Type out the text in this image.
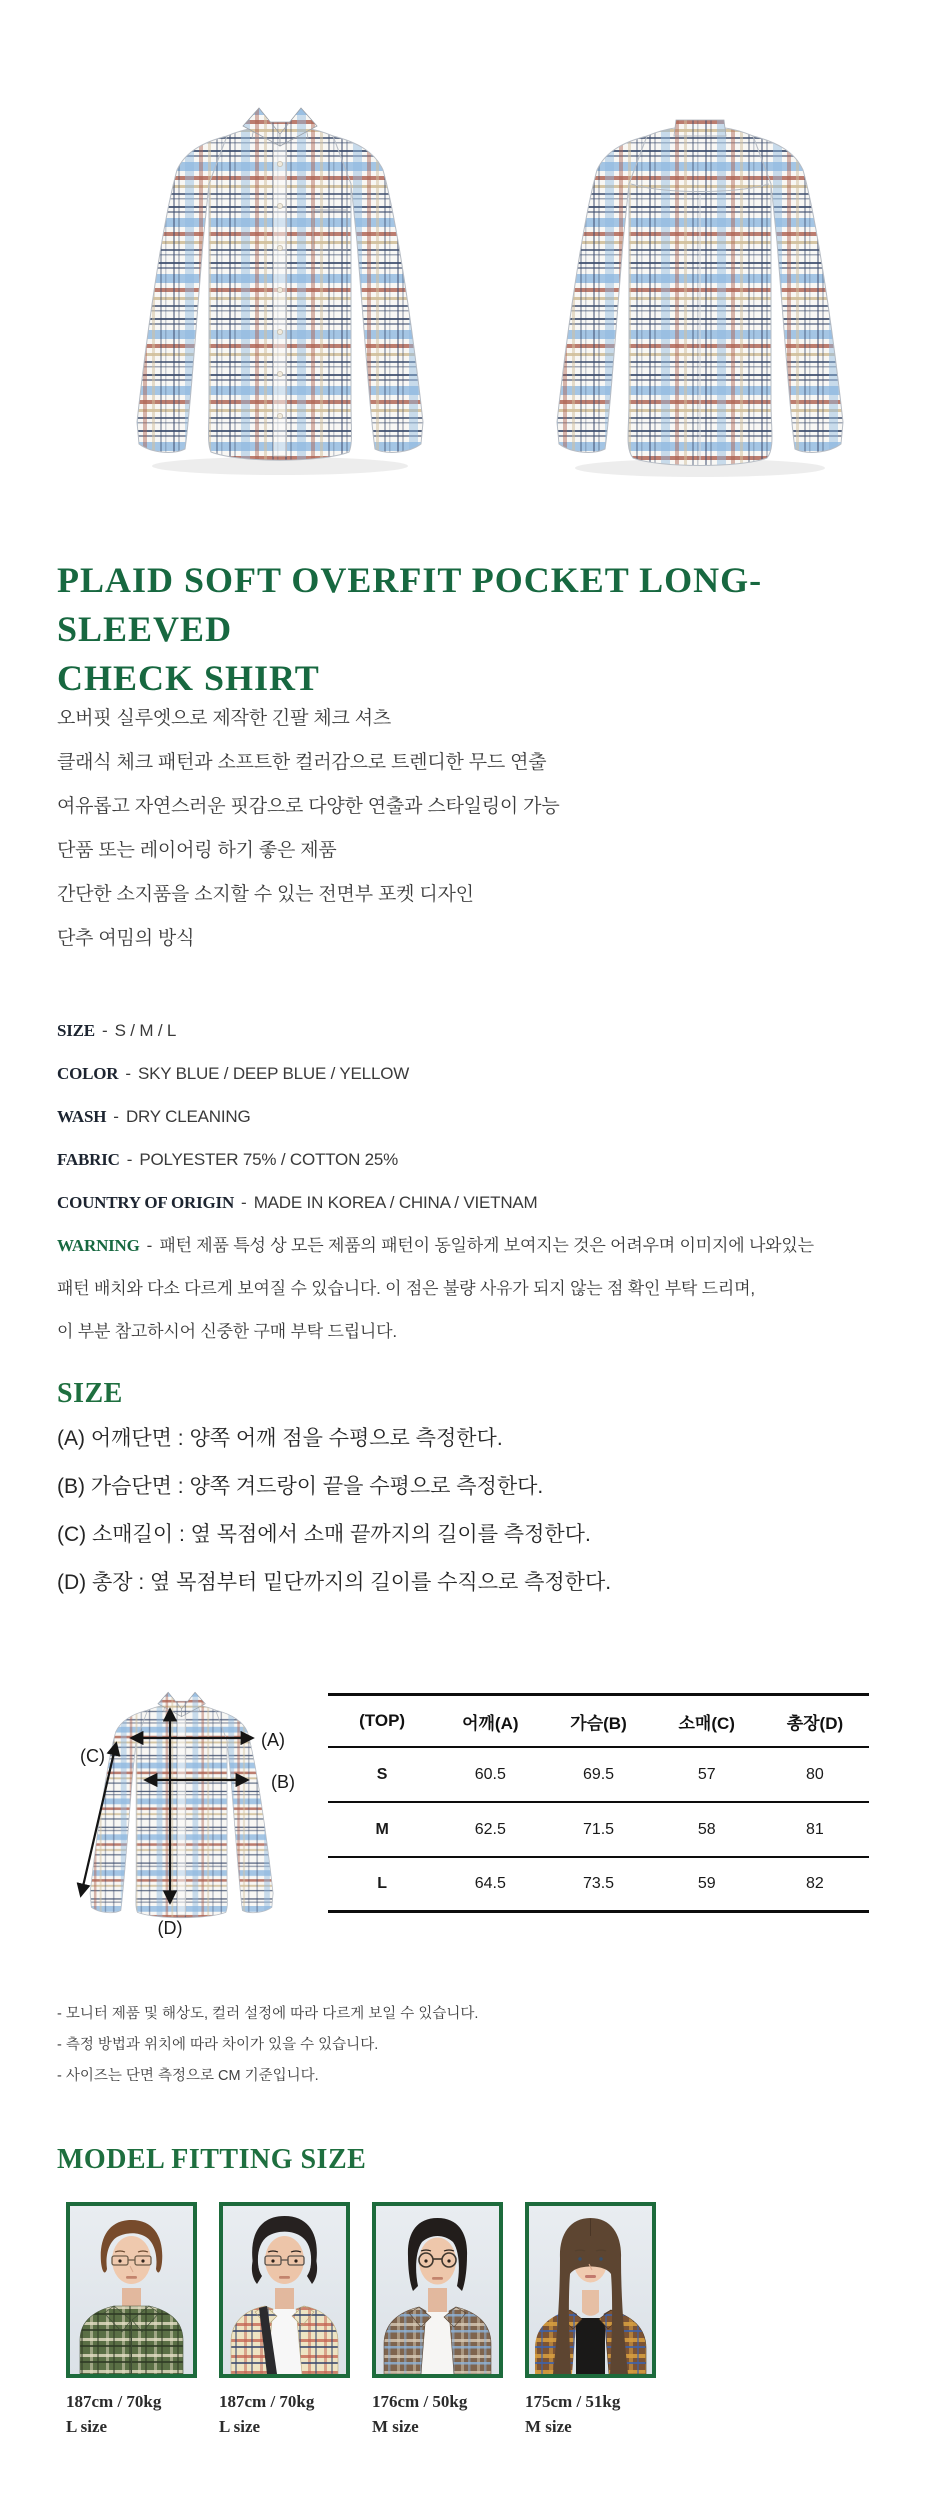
PLAID SOFT OVERFIT POCKET LONG-SLEEVED
CHECK SHIRT
오버핏 실루엣으로 제작한 긴팔 체크 셔츠
클래식 체크 패턴과 소프트한 컬러감으로 트렌디한 무드 연출
여유롭고 자연스러운 핏감으로 다양한 연출과 스타일링이 가능
단품 또는 레이어링 하기 좋은 제품
간단한 소지품을 소지할 수 있는 전면부 포켓 디자인
단추 여밈의 방식
SIZE - S / M / L
COLOR - SKY BLUE / DEEP BLUE / YELLOW
WASH - DRY CLEANING
FABRIC - POLYESTER 75% / COTTON 25%
COUNTRY OF ORIGIN - MADE IN KOREA / CHINA / VIETNAM
WARNING - 패턴 제품 특성 상 모든 제품의 패턴이 동일하게 보여지는 것은 어려우며 이미지에 나와있는
패턴 배치와 다소 다르게 보여질 수 있습니다. 이 점은 불량 사유가 되지 않는 점 확인 부탁 드리며,
이 부분 참고하시어 신중한 구매 부탁 드립니다.
SIZE
(A) 어깨단면 : 양쪽 어깨 점을 수평으로 측정한다.
(B) 가슴단면 : 양쪽 겨드랑이 끝을 수평으로 측정한다.
(C) 소매길이 : 옆 목점에서 소매 끝까지의 길이를 측정한다.
(D) 총장 : 옆 목점부터 밑단까지의 길이를 수직으로 측정한다.
(A)
(B)
(C)
(D)
(TOP)	어깨(A)	가슴(B)	소매(C)	총장(D)
S	60.5	69.5	57	80
M	62.5	71.5	58	81
L	64.5	73.5	59	82
- 모니터 제품 및 해상도, 컬러 설정에 따라 다르게 보일 수 있습니다.
- 측정 방법과 위치에 따라 차이가 있을 수 있습니다.
- 사이즈는 단면 측정으로 CM 기준입니다.
MODEL FITTING SIZE
187cm / 70kg
L size
187cm / 70kg
L size
176cm / 50kg
M size
175cm / 51kg
M size
